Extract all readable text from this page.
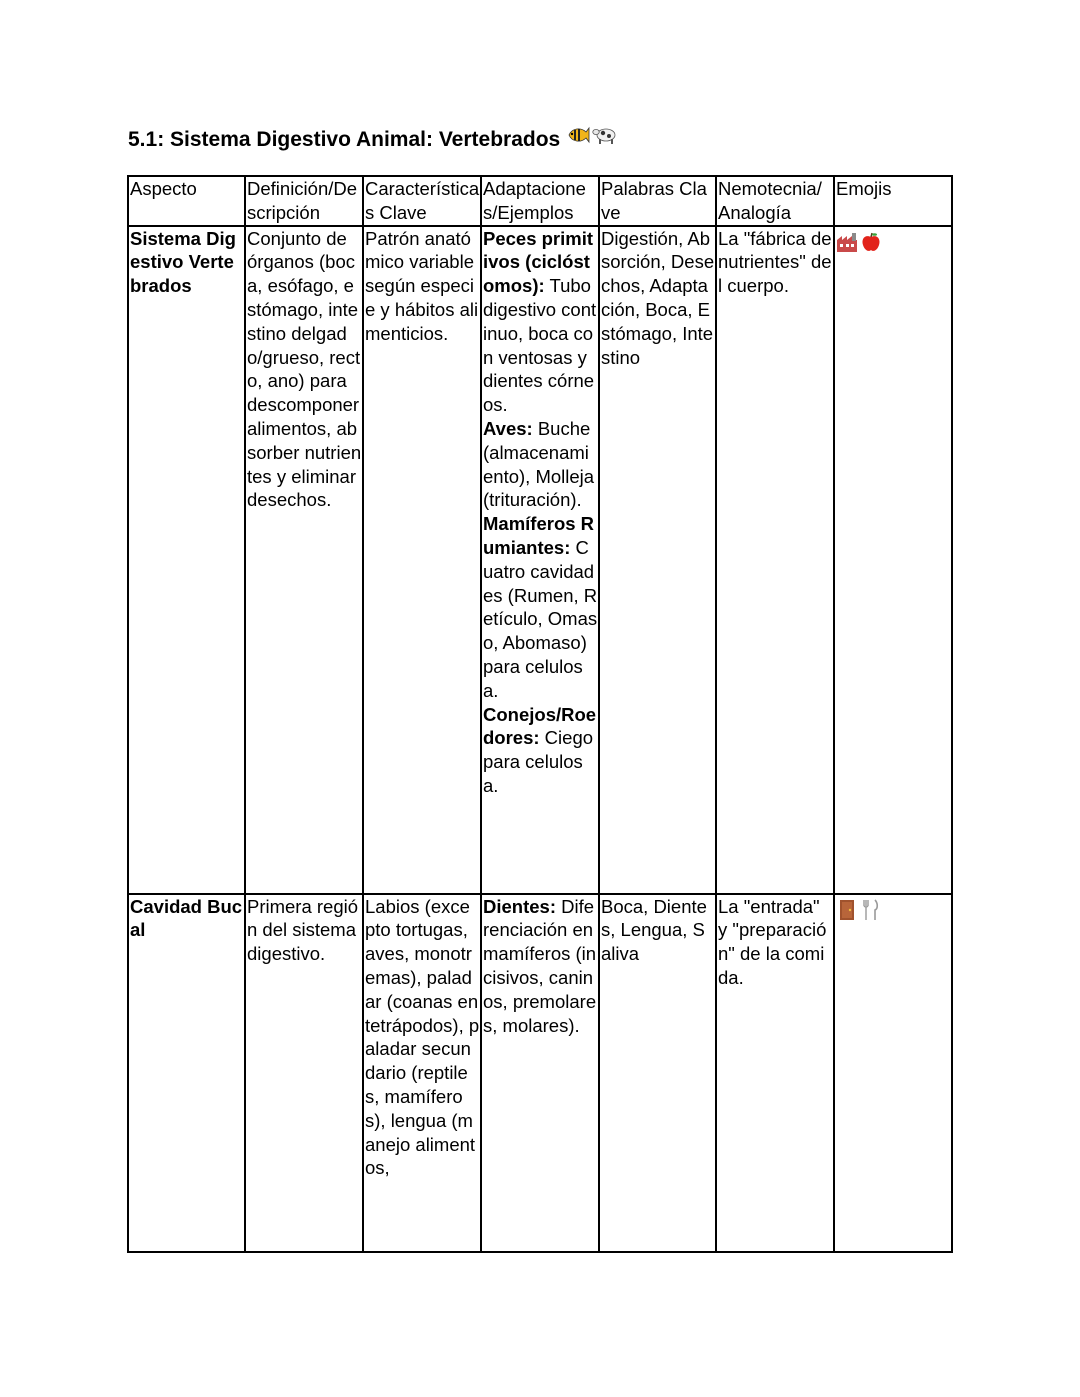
5.1: Sistema Digestivo Animal: Vertebrados
Aspecto	Definición/Descripción	Características Clave	Adaptaciones/Ejemplos	Palabras Clave	Nemotecnia/ Analogía	Emojis
Sistema Digestivo Vertebrados	Conjunto de órganos (boca, esófago, estómago, intestino delgado/grueso, recto, ano) para descomponer alimentos, absorber nutrientes y eliminar desechos.	Patrón anatómico variable según especie y hábitos alimenticios.	Peces primitivos (ciclóstomos): Tubo digestivo continuo, boca con ventosas y dientes córneos.
Aves: Buche (almacenamiento), Molleja (trituración).
Mamíferos Rumiantes: Cuatro cavidades (Rumen, Retículo, Omaso, Abomaso) para celulosa.
Conejos/Roedores: Ciego para celulosa.	Digestión, Absorción, Desechos, Adaptación, Boca, Estómago, Intestino	La "fábrica de nutrientes" del cuerpo.	

Cavidad Bucal	Primera región del sistema digestivo.	Labios (excepto tortugas, aves, monotremas), paladar (coanas en tetrápodos), paladar secundario (reptiles, mamíferos), lengua (manejo alimentos,	Dientes: Diferenciación en mamíferos (incisivos, caninos, premolares, molares).	Boca, Dientes, Lengua, Saliva	La "entrada" y "preparación" de la comida.	
